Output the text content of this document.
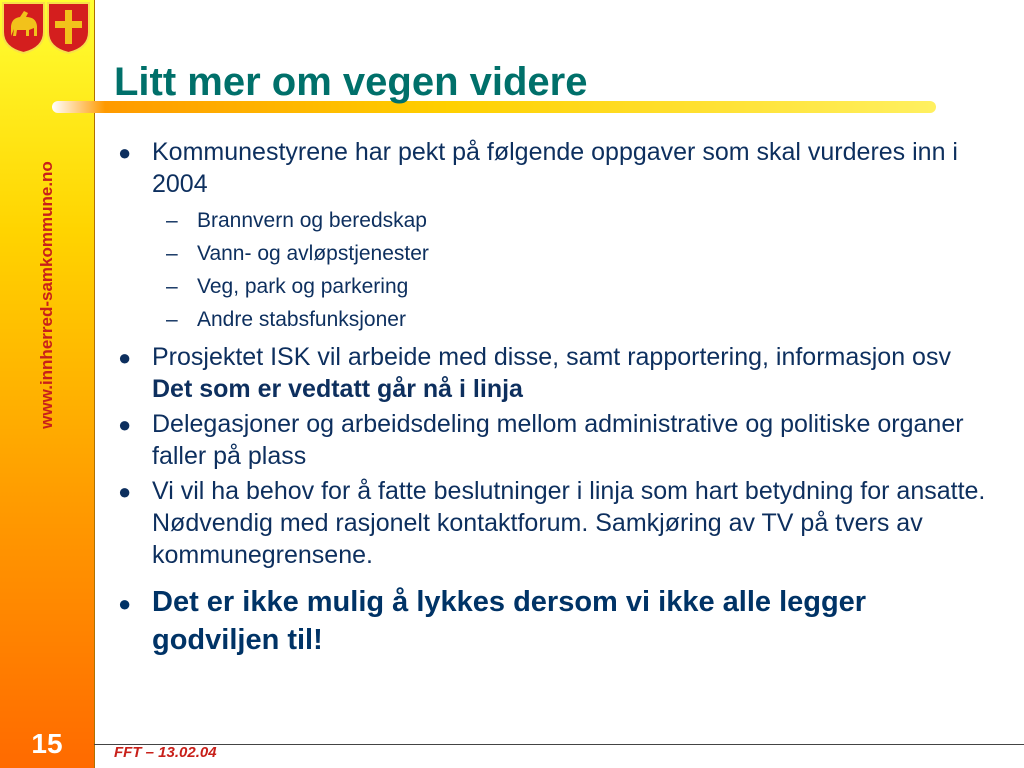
www.innherred-samkommune.no
15
Litt mer om vegen videre
● Kommunestyrene har pekt på følgende oppgaver som skal vurderes inn i 2004
– Brannvern og beredskap
– Vann- og avløpstjenester
– Veg, park og parkering
– Andre stabsfunksjoner
● Prosjektet ISK vil arbeide med disse, samt rapportering, informasjon osv Det som er vedtatt går nå i linja
● Delegasjoner og arbeidsdeling mellom administrative og politiske organer faller på plass
● Vi vil ha behov for å fatte beslutninger i linja som hart betydning for ansatte. Nødvendig med rasjonelt kontaktforum. Samkjøring av TV på tvers av kommunegrensene.
● Det er ikke mulig å lykkes dersom vi ikke alle legger godviljen til!
FFT – 13.02.04
